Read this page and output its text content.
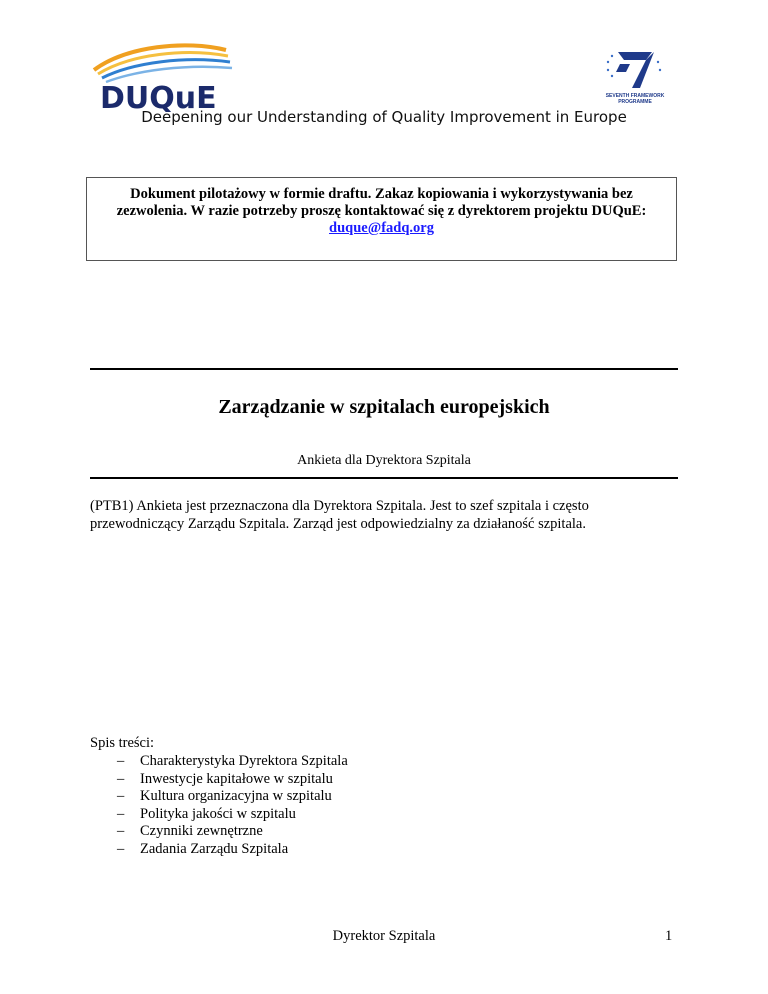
DUQuE	SEVENTH FRAMEWORK
PROGRAMME
Deepening our Understanding of Quality Improvement in Europe
Dokument pilotażowy w formie draftu. Zakaz kopiowania i wykorzystywania bez
zezwolenia. W razie potrzeby proszę kontaktować się z dyrektorem projektu DUQuE:
duque@fadq.org
Zarządzanie w szpitalach europejskich
Ankieta dla Dyrektora Szpitala
(PTB1) Ankieta jest przeznaczona dla Dyrektora Szpitala. Jest to szef szpitala i często przewodniczący Zarządu Szpitala. Zarząd jest odpowiedzialny za działaność szpitala.
Spis treści:
– Charakterystyka Dyrektora Szpitala
– Inwestycje kapitałowe w szpitalu
– Kultura organizacyjna w szpitalu
– Polityka jakości w szpitalu
– Czynniki zewnętrzne
– Zadania Zarządu Szpitala
Dyrektor Szpitala	1
